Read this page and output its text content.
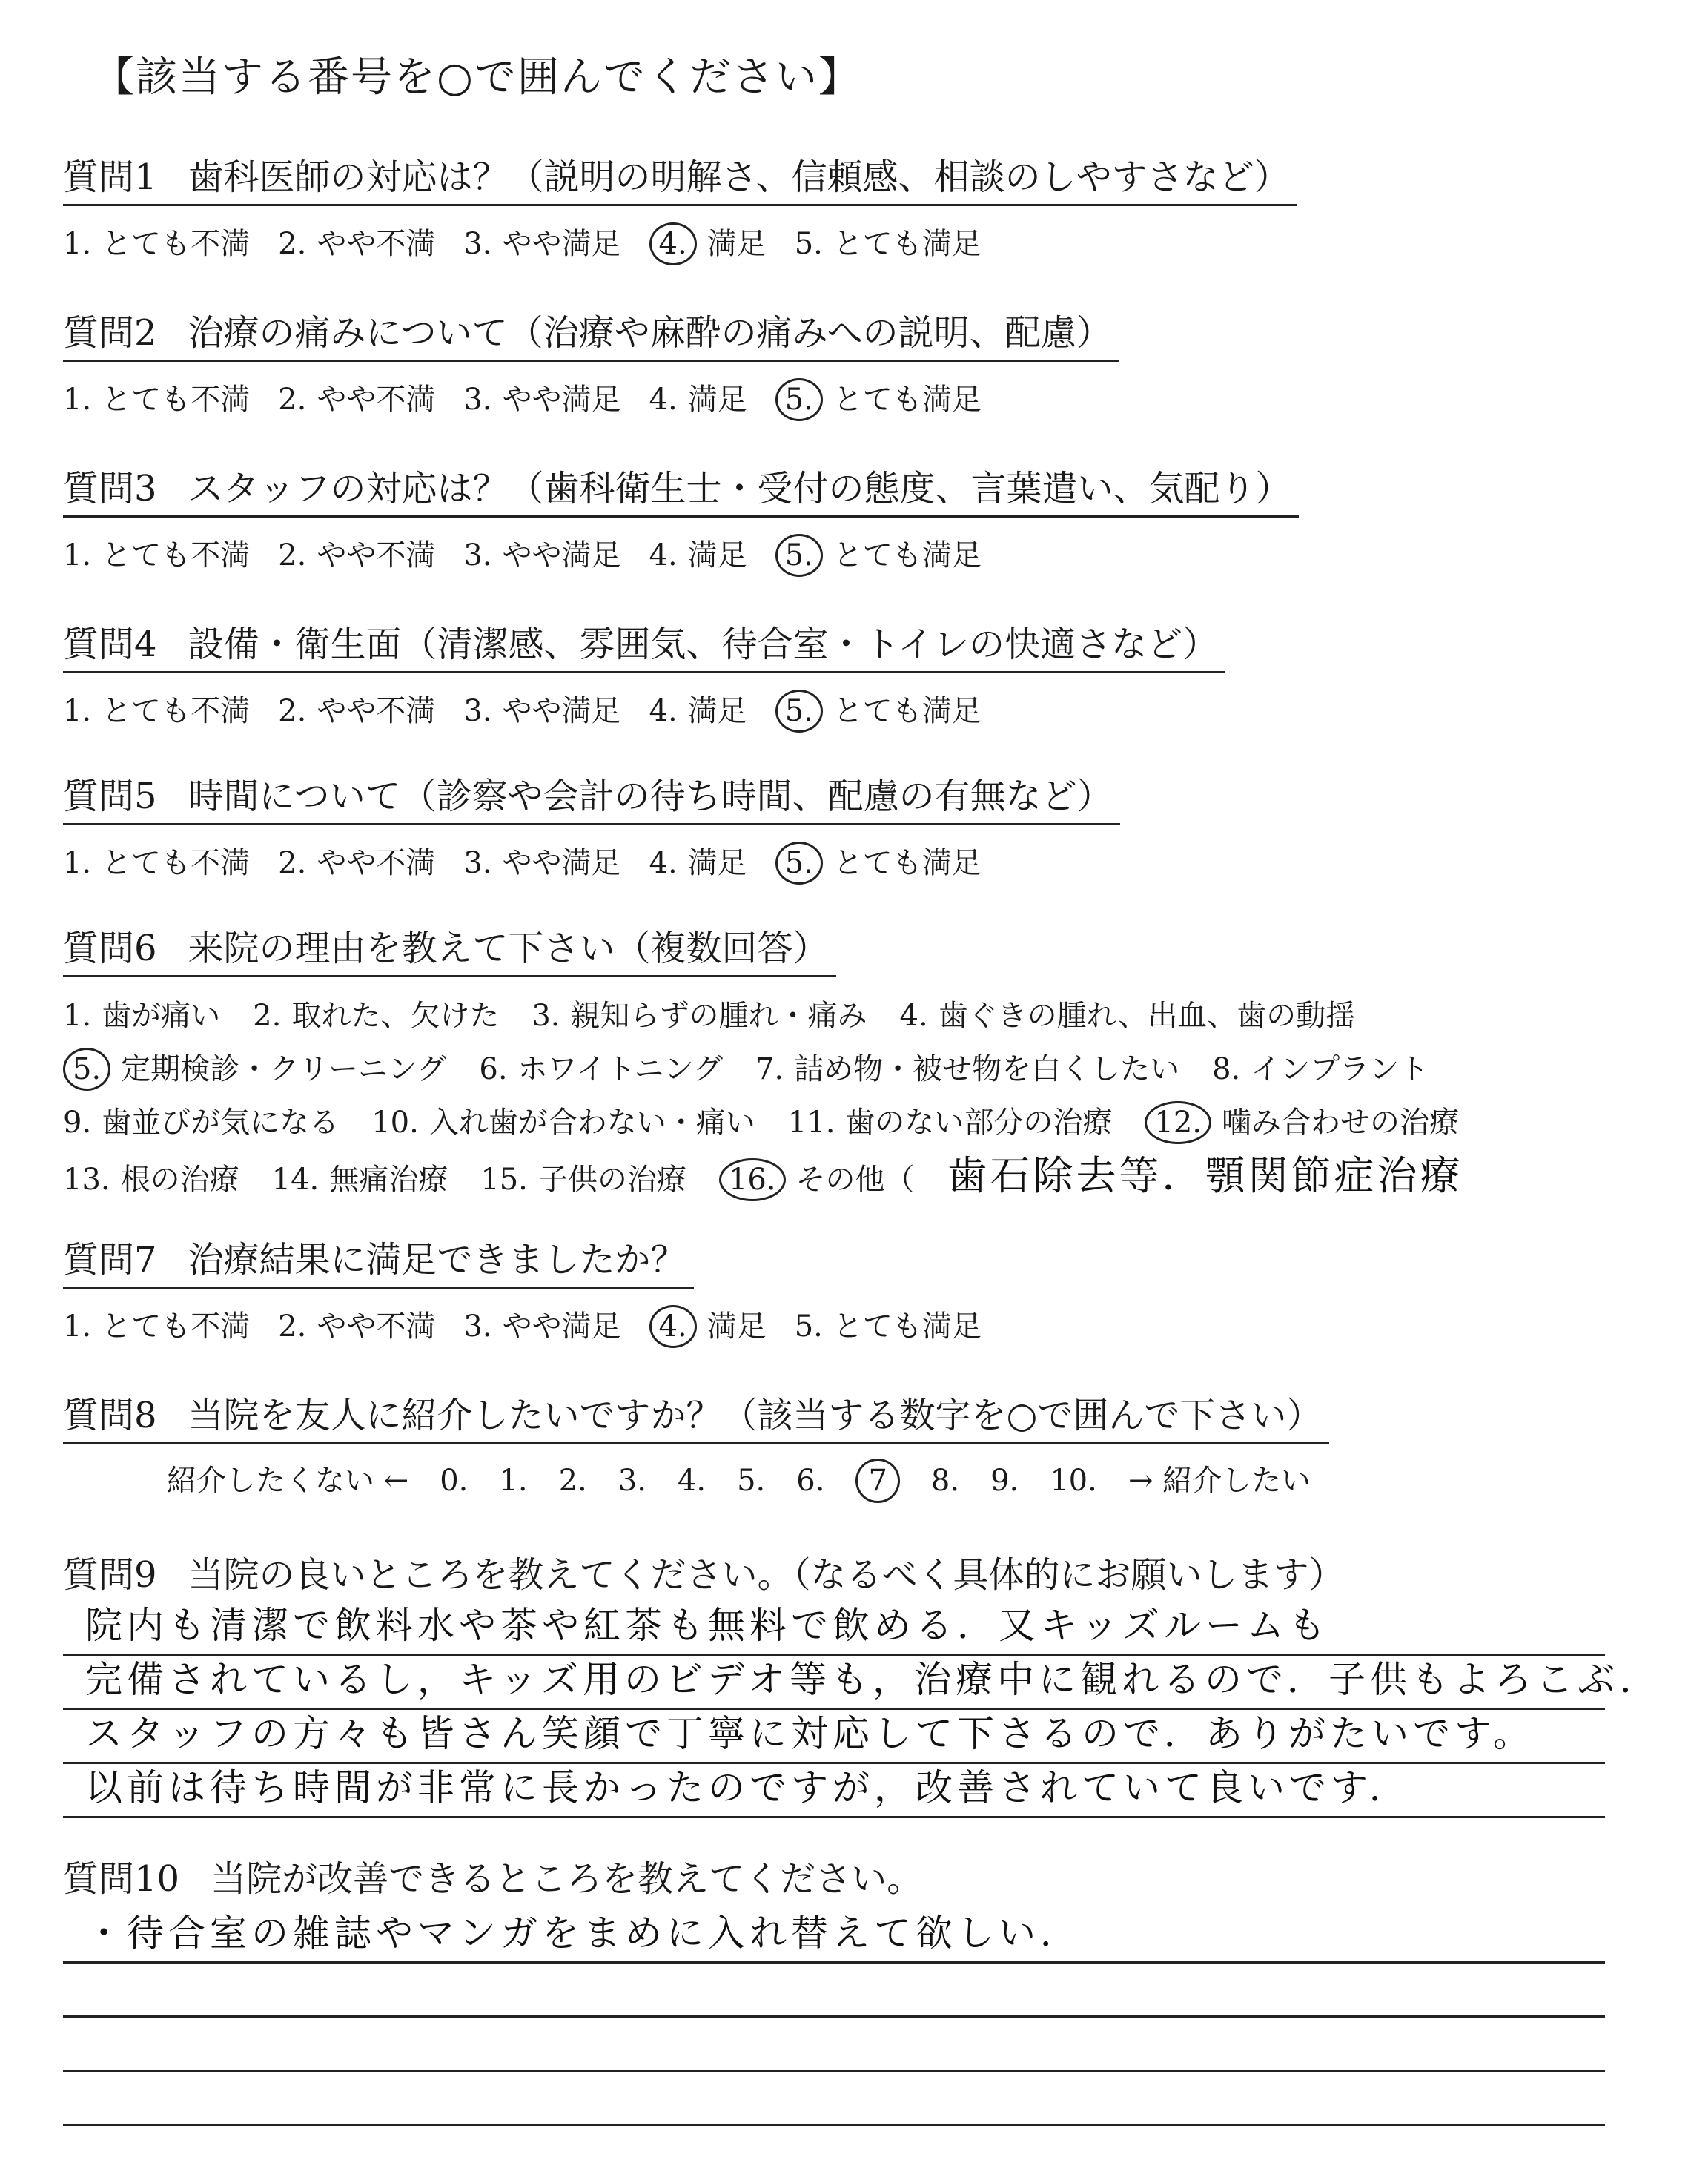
【該当する番号を○で囲んでください】
質問1 歯科医師の対応は？（説明の明解さ、信頼感、相談のしやすさなど）
1. とても不満 2. やや不満 3. やや満足 4. 満足 5. とても満足
質問2 治療の痛みについて（治療や麻酔の痛みへの説明、配慮）
1. とても不満 2. やや不満 3. やや満足 4. 満足 5. とても満足
質問3 スタッフの対応は？（歯科衛生士・受付の態度、言葉遣い、気配り）
1. とても不満 2. やや不満 3. やや満足 4. 満足 5. とても満足
質問4 設備・衛生面（清潔感、雰囲気、待合室・トイレの快適さなど）
1. とても不満 2. やや不満 3. やや満足 4. 満足 5. とても満足
質問5 時間について（診察や会計の待ち時間、配慮の有無など）
1. とても不満 2. やや不満 3. やや満足 4. 満足 5. とても満足
質問6 来院の理由を教えて下さい（複数回答）
1. 歯が痛い 2. 取れた、欠けた 3. 親知らずの腫れ・痛み 4. 歯ぐきの腫れ、出血、歯の動揺
5. 定期検診・クリーニング 6. ホワイトニング 7. 詰め物・被せ物を白くしたい 8. インプラント
9. 歯並びが気になる 10. 入れ歯が合わない・痛い 11. 歯のない部分の治療 12. 噛み合わせの治療
13. 根の治療 14. 無痛治療 15. 子供の治療 16. その他（ 歯石除去等．顎関節症治療
質問7 治療結果に満足できましたか？
1. とても不満 2. やや不満 3. やや満足 4. 満足 5. とても満足
質問8 当院を友人に紹介したいですか？（該当する数字を○で囲んで下さい）
紹介したくない ← 0. 1. 2. 3. 4. 5. 6. 7 8. 9. 10. → 紹介したい
質問9 当院の良いところを教えてください。（なるべく具体的にお願いします）
院内も清潔で飲料水や茶や紅茶も無料で飲める．又キッズルームも
完備されているし，キッズ用のビデオ等も，治療中に観れるので．子供もよろこぶ．
スタッフの方々も皆さん笑顔で丁寧に対応して下さるので．ありがたいです。
以前は待ち時間が非常に長かったのですが，改善されていて良いです．
質問10 当院が改善できるところを教えてください。
・待合室の雑誌やマンガをまめに入れ替えて欲しい．
